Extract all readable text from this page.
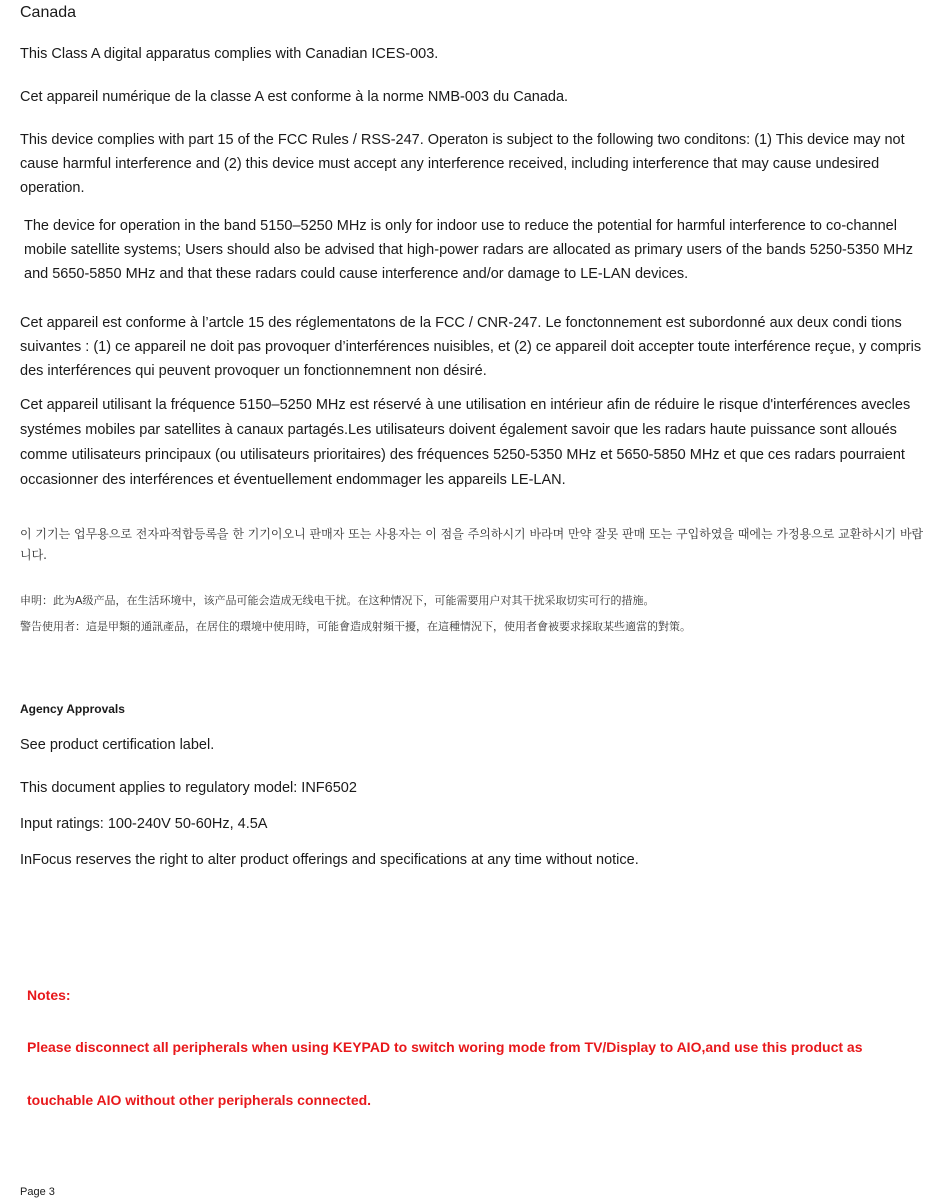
Canada
This Class A digital apparatus complies with Canadian ICES-003.
Cet appareil numérique de la classe A est conforme à la norme NMB-003 du Canada.
This device complies with part 15 of the FCC Rules / RSS-247. Operaton is subject to the following two conditons: (1) This device may not cause harmful interference and (2) this device must accept any interference received, including interference that may cause undesired operation.
The device for operation in the band 5150–5250 MHz is only for indoor use to reduce the potential for harmful interference to co-channel mobile satellite systems; Users should also be advised that high-power radars are allocated as primary users of the bands 5250-5350 MHz and 5650-5850 MHz and that these radars could cause interference and/or damage to LE-LAN devices.
Cet appareil est conforme à l’artcle 15 des réglementatons de la FCC / CNR-247. Le fonctonnement est subordonné aux deux condi tions suivantes : (1) ce appareil ne doit pas provoquer d’interférences nuisibles, et (2) ce appareil doit accepter toute interférence reçue, y compris des interférences qui peuvent provoquer un fonctionnemnent non désiré.
Cet appareil utilisant la fréquence 5150–5250 MHz est réservé à une utilisation en intérieur afin de réduire le risque d'interférences avecles systémes mobiles par satellites à canaux partagés.Les utilisateurs doivent également savoir que les radars haute puissance sont alloués comme utilisateurs principaux (ou utilisateurs prioritaires) des fréquences 5250-5350 MHz et 5650-5850 MHz et que ces radars pourraient occasionner des interférences et éventuellement endommager les appareils LE-LAN.
이 기기는 업무용으로 전자파적합등록을 한 기기이오니 판매자 또는 사용자는 이 점을 주의하시기 바라며 만약 잘못 판매 또는 구입하였을 때에는 가정용으로 교환하시기 바랍니다.
申明：此为A级产品，在生活环境中，该产品可能会造成无线电干扰。在这种情况下，可能需要用户对其干扰采取切实可行的措施。
警告使用者：這是甲類的通訊產品，在居住的環境中使用時，可能會造成射頻干擾，在這種情況下，使用者會被要求採取某些適當的對策。
Agency Approvals
See product certification label.
This document applies to regulatory model: INF6502
Input ratings: 100-240V 50-60Hz, 4.5A
InFocus reserves the right to alter product offerings and specifications at any time without notice.
Notes:
Please disconnect all peripherals when using KEYPAD to switch woring mode from TV/Display to AIO,and use this product as
touchable AIO without other peripherals connected.
Page 3
